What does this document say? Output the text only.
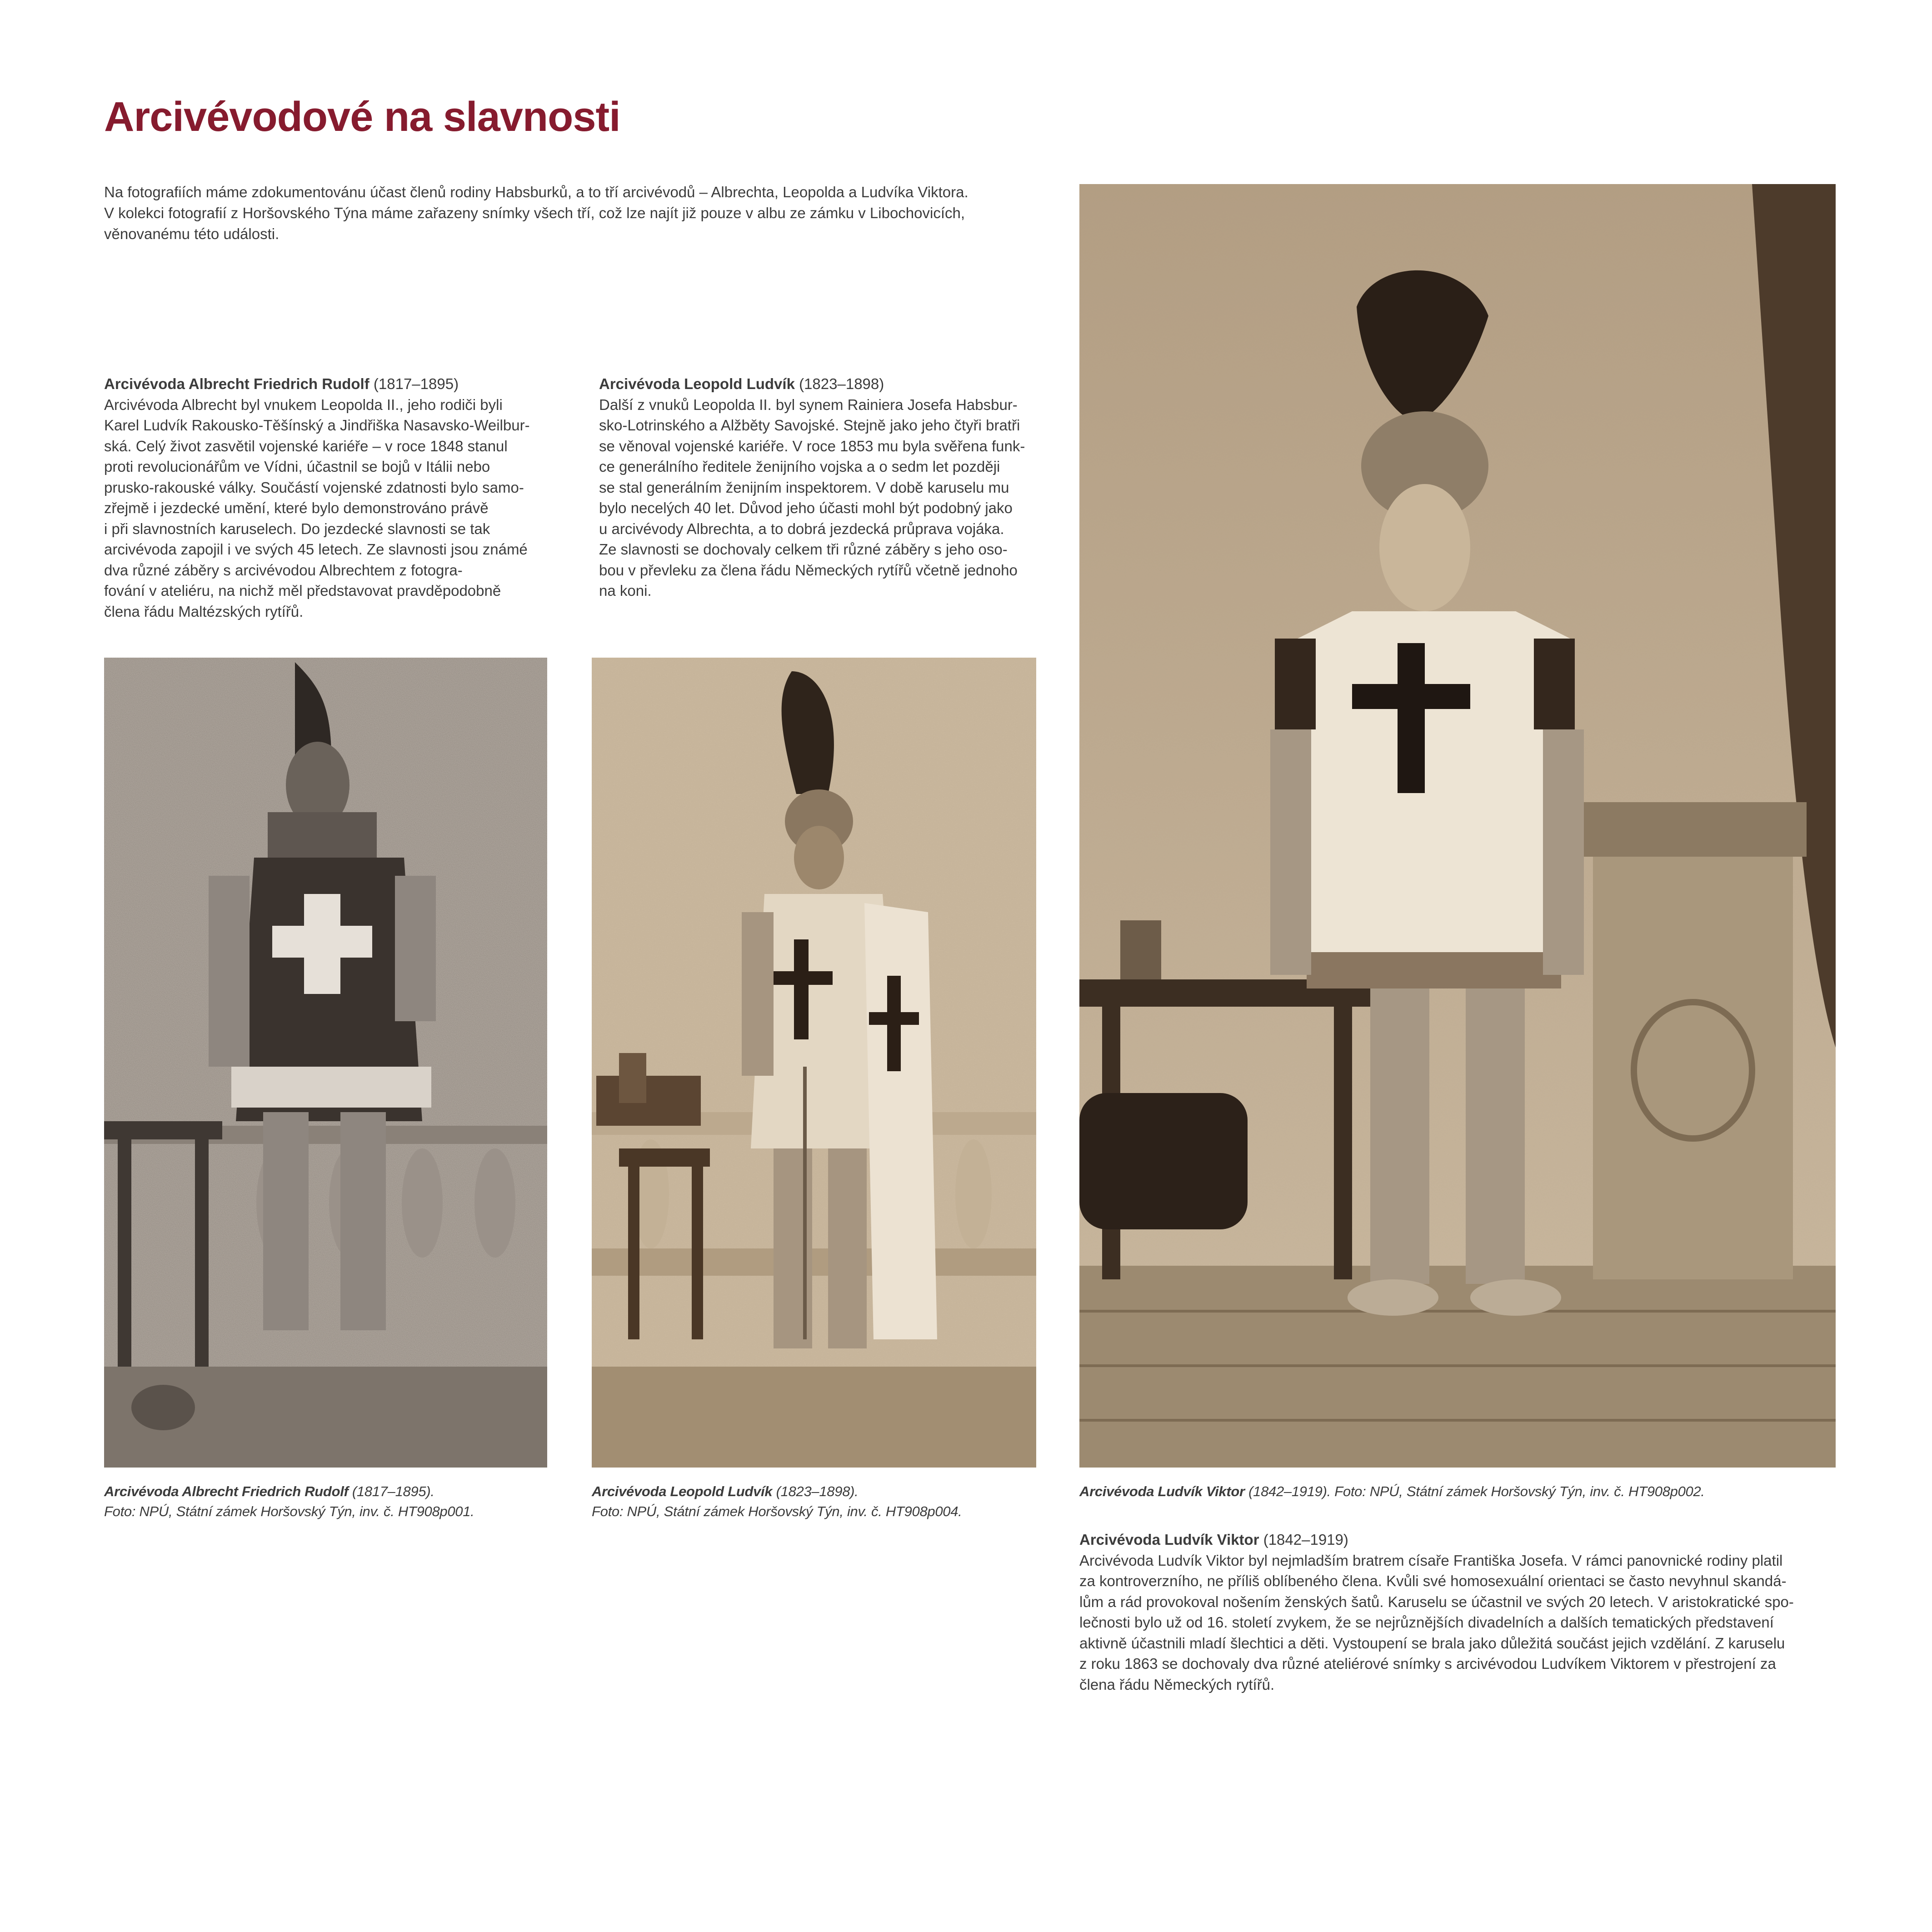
Arcivévodové na slavnosti
Na fotografiích máme zdokumentovánu účast členů rodiny Habsburků, a to tří arcivévodů – Albrechta, Leopolda a Ludvíka Viktora.
V kolekci fotografií z Horšovského Týna máme zařazeny snímky všech tří, což lze najít již pouze v albu ze zámku v Libochovicích,
věnovanému této události.
Arcivévoda Albrecht Friedrich Rudolf (1817–1895)
Arcivévoda Albrecht byl vnukem Leopolda II., jeho rodiči byli
Karel Ludvík Rakousko-Těšínský a Jindřiška Nasavsko-Weilbur-
ská. Celý život zasvětil vojenské kariéře – v roce 1848 stanul
proti revolucionářům ve Vídni, účastnil se bojů v Itálii nebo
prusko-rakouské války. Součástí vojenské zdatnosti bylo samo-
zřejmě i jezdecké umění, které bylo demonstrováno právě
i při slavnostních karuselech. Do jezdecké slavnosti se tak
arcivévoda zapojil i ve svých 45 letech. Ze slavnosti jsou známé
dva různé záběry s arcivévodou Albrechtem z fotogra-
fování v ateliéru, na nichž měl představovat pravděpodobně
člena řádu Maltézských rytířů.
Arcivévoda Leopold Ludvík (1823–1898)
Další z vnuků Leopolda II. byl synem Rainiera Josefa Habsbur-
sko-Lotrinského a Alžběty Savojské. Stejně jako jeho čtyři bratři
se věnoval vojenské kariéře. V roce 1853 mu byla svěřena funk-
ce generálního ředitele ženijního vojska a o sedm let později
se stal generálním ženijním inspektorem. V době karuselu mu
bylo necelých 40 let. Důvod jeho účasti mohl být podobný jako
u arcivévody Albrechta, a to dobrá jezdecká průprava vojáka.
Ze slavnosti se dochovaly celkem tři různé záběry s jeho oso-
bou v převleku za člena řádu Německých rytířů včetně jednoho
na koni.
Arcivévoda Albrecht Friedrich Rudolf (1817–1895).
Foto: NPÚ, Státní zámek Horšovský Týn, inv. č. HT908p001.
Arcivévoda Leopold Ludvík (1823–1898).
Foto: NPÚ, Státní zámek Horšovský Týn, inv. č. HT908p004.
Arcivévoda Ludvík Viktor (1842–1919). Foto: NPÚ, Státní zámek Horšovský Týn, inv. č. HT908p002.
Arcivévoda Ludvík Viktor (1842–1919)
Arcivévoda Ludvík Viktor byl nejmladším bratrem císaře Františka Josefa. V rámci panovnické rodiny platil
za kontroverzního, ne příliš oblíbeného člena. Kvůli své homosexuální orientaci se často nevyhnul skandá-
lům a rád provokoval nošením ženských šatů. Karuselu se účastnil ve svých 20 letech. V aristokratické spo-
lečnosti bylo už od 16. století zvykem, že se nejrůznějších divadelních a dalších tematických představení
aktivně účastnili mladí šlechtici a děti. Vystoupení se brala jako důležitá součást jejich vzdělání. Z karuselu
z roku 1863 se dochovaly dva různé ateliérové snímky s arcivévodou Ludvíkem Viktorem v přestrojení za
člena řádu Německých rytířů.
